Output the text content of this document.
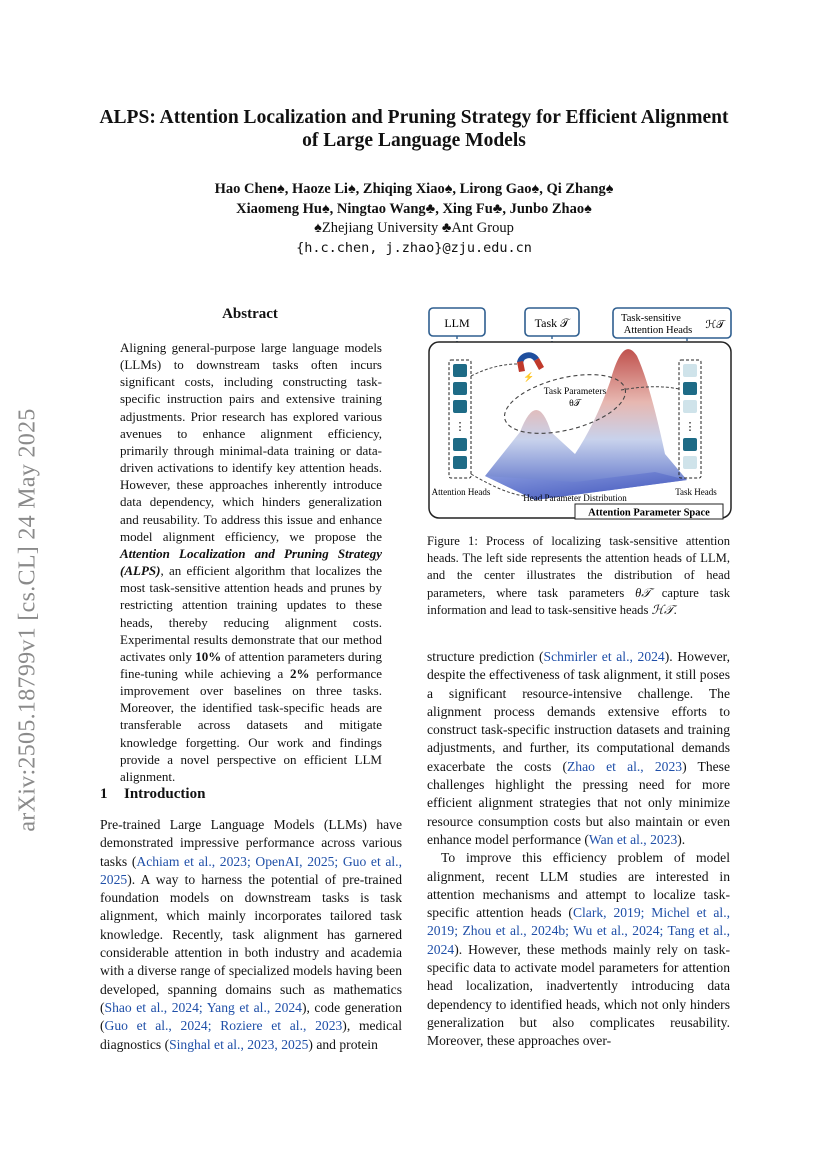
arXiv:2505.18799v1 [cs.CL] 24 May 2025
ALPS: Attention Localization and Pruning Strategy for Efficient Alignment
of Large Language Models
Hao Chen♠, Haoze Li♠, Zhiqing Xiao♠, Lirong Gao♠, Qi Zhang♠
Xiaomeng Hu♠, Ningtao Wang♣, Xing Fu♣, Junbo Zhao♠
♠Zhejiang University ♣Ant Group
{h.c.chen, j.zhao}@zju.edu.cn
Abstract
Aligning general-purpose large language models (LLMs) to downstream tasks often incurs significant costs, including constructing task-specific instruction pairs and extensive training adjustments. Prior research has explored various avenues to enhance alignment efficiency, primarily through minimal-data training or data-driven activations to identify key attention heads. However, these approaches inherently introduce data dependency, which hinders generalization and reusability. To address this issue and enhance model alignment efficiency, we propose the Attention Localization and Pruning Strategy (ALPS), an efficient algorithm that localizes the most task-sensitive attention heads and prunes by restricting attention training updates to these heads, thereby reducing alignment costs. Experimental results demonstrate that our method activates only 10% of attention parameters during fine-tuning while achieving a 2% performance improvement over baselines on three tasks. Moreover, the identified task-specific heads are transferable across datasets and mitigate knowledge forgetting. Our work and findings provide a novel perspective on efficient LLM alignment.
1 Introduction

Pre-trained Large Language Models (LLMs) have demonstrated impressive performance across various tasks (Achiam et al., 2023; OpenAI, 2025; Guo et al., 2025). A way to harness the potential of pre-trained foundation models on downstream tasks is task alignment, which mainly incorporates tailored task knowledge. Recently, task alignment has garnered considerable attention in both industry and academia with a diverse range of specialized models having been developed, spanning domains such as mathematics (Shao et al., 2024; Yang et al., 2024), code generation (Guo et al., 2024; Roziere et al., 2023), medical diagnostics (Singhal et al., 2023, 2025) and protein

structure prediction (Schmirler et al., 2024). However, despite the effectiveness of task alignment, it still poses a significant resource-intensive challenge. The alignment process demands extensive efforts to construct task-specific instruction datasets and training adjustments, and further, its computational demands exacerbate the costs (Zhao et al., 2023) These challenges highlight the pressing need for more efficient alignment strategies that not only minimize resource consumption costs but also maintain or even enhance model performance (Wan et al., 2023).

To improve this efficiency problem of model alignment, recent LLM studies are interested in attention mechanisms and attempt to localize task-specific attention heads (Clark, 2019; Michel et al., 2019; Zhou et al., 2024b; Wu et al., 2024; Tang et al., 2024). However, these methods mainly rely on task-specific data to activate model parameters for attention head localization, inadvertently introducing data dependency to identified heads, which not only hinders generalization but also complicates reusability. Moreover, these approaches over-

LLM	Task 𝒯	Task-sensitive
Attention Heads ℋ𝒯
Task Parameters
θ𝒯
⚡
⋮	⋮
Attention Heads
Head Parameter Distribution
Task Heads
Attention Parameter Space
Figure 1: Process of localizing task-sensitive attention heads. The left side represents the attention heads of LLM, and the center illustrates the distribution of head parameters, where task parameters θ𝒯 capture task information and lead to task-sensitive heads ℋ𝒯.
